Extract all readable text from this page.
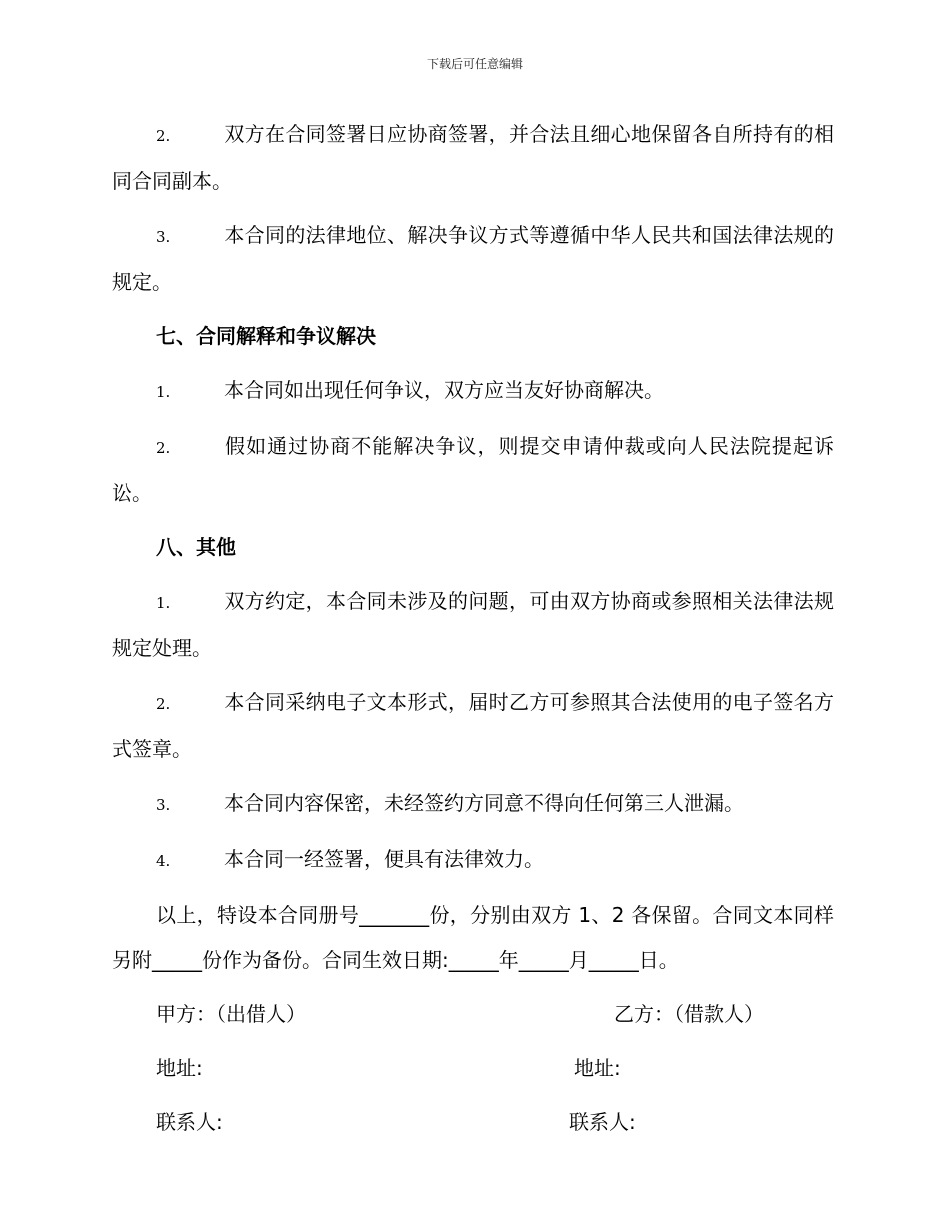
下载后可任意编辑

2.	双方在合同签署日应协商签署，并合法且细心地保留各自所持有的相同合同副本。

3.	本合同的法律地位、解决争议方式等遵循中华人民共和国法律法规的规定。

七、合同解释和争议解决

1.	本合同如出现任何争议，双方应当友好协商解决。

2.	假如通过协商不能解决争议，则提交申请仲裁或向人民法院提起诉讼。

八、其他

1.	双方约定，本合同未涉及的问题，可由双方协商或参照相关法律法规规定处理。

2.	本合同采纳电子文本形式，届时乙方可参照其合法使用的电子签名方式签章。

3.	本合同内容保密，未经签约方同意不得向任何第三人泄漏。

4.	本合同一经签署，便具有法律效力。

以上，特设本合同册号_______份，分别由双方 1、2 各保留。合同文本同样另附_____份作为备份。合同生效日期:_____年_____月_____日。

甲方：（出借人）	乙方：（借款人）
地址:	地址:
联系人:	联系人:
